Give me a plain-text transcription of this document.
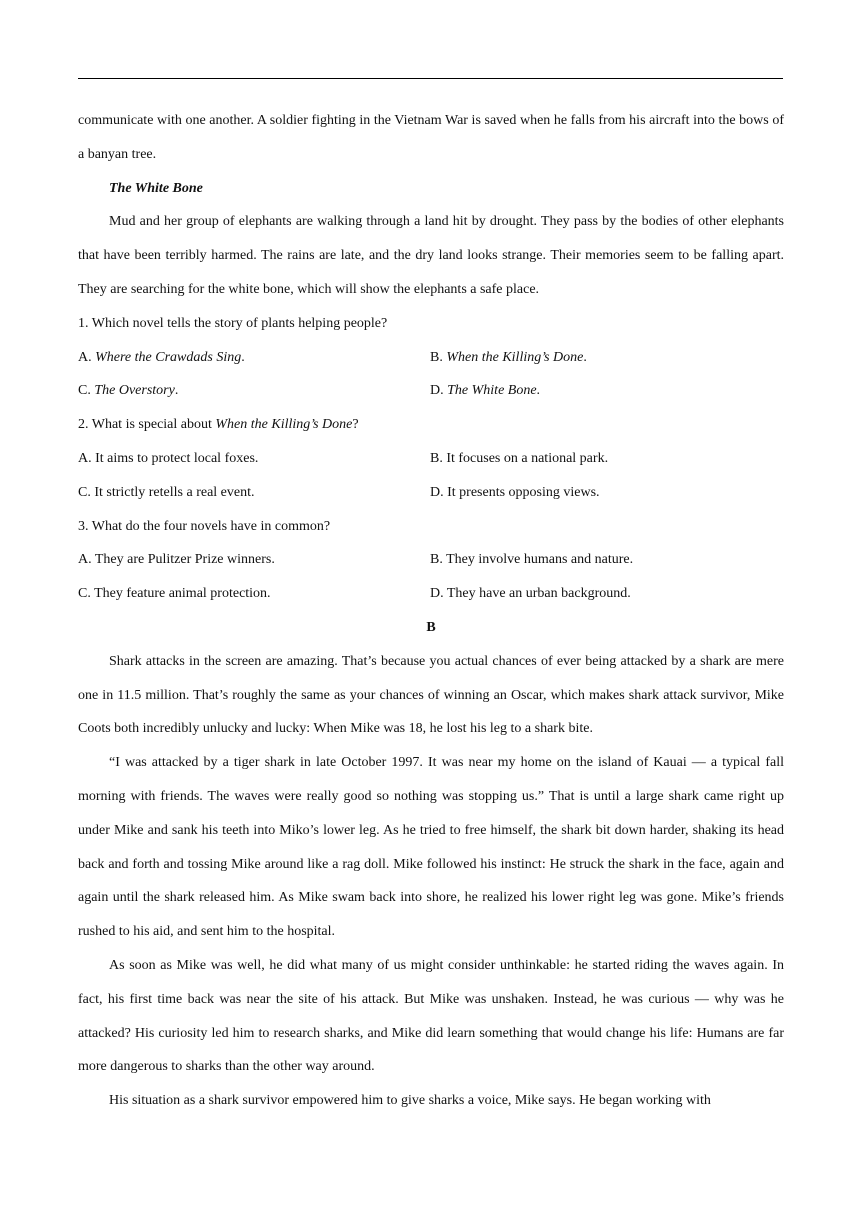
communicate with one another. A soldier fighting in the Vietnam War is saved when he falls from his aircraft into the bows of a banyan tree.

The White Bone

Mud and her group of elephants are walking through a land hit by drought. They pass by the bodies of other elephants that have been terribly harmed. The rains are late, and the dry land looks strange. Their memories seem to be falling apart. They are searching for the white bone, which will show the elephants a safe place.

1. Which novel tells the story of plants helping people?

A. Where the Crawdads Sing.	B. When the Killing’s Done.
C. The Overstory.	D. The White Bone.

2. What is special about When the Killing’s Done?

A. It aims to protect local foxes.	B. It focuses on a national park.
C. It strictly retells a real event.	D. It presents opposing views.

3. What do the four novels have in common?

A. They are Pulitzer Prize winners.	B. They involve humans and nature.
C. They feature animal protection.	D. They have an urban background.

B

Shark attacks in the screen are amazing. That’s because you actual chances of ever being attacked by a shark are mere one in 11.5 million. That’s roughly the same as your chances of winning an Oscar, which makes shark attack survivor, Mike Coots both incredibly unlucky and lucky: When Mike was 18, he lost his leg to a shark bite.

“I was attacked by a tiger shark in late October 1997. It was near my home on the island of Kauai — a typical fall morning with friends. The waves were really good so nothing was stopping us.” That is until a large shark came right up under Mike and sank his teeth into Miko’s lower leg. As he tried to free himself, the shark bit down harder, shaking its head back and forth and tossing Mike around like a rag doll. Mike followed his instinct: He struck the shark in the face, again and again until the shark released him. As Mike swam back into shore, he realized his lower right leg was gone. Mike’s friends rushed to his aid, and sent him to the hospital.

As soon as Mike was well, he did what many of us might consider unthinkable: he started riding the waves again. In fact, his first time back was near the site of his attack. But Mike was unshaken. Instead, he was curious — why was he attacked? His curiosity led him to research sharks, and Mike did learn something that would change his life: Humans are far more dangerous to sharks than the other way around.

His situation as a shark survivor empowered him to give sharks a voice, Mike says. He began working with
